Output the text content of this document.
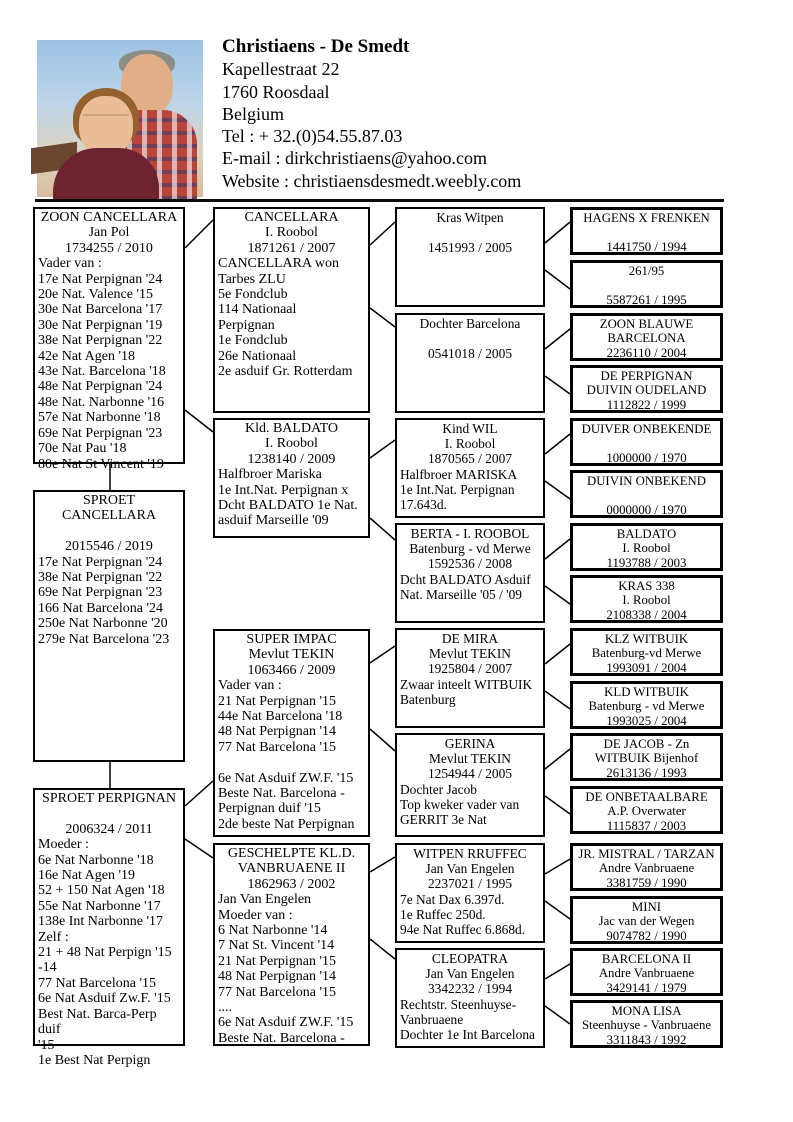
Christiaens - De Smedt
Kapellestraat 22
1760 Roosdaal
Belgium
Tel : + 32.(0)54.55.87.03
E-mail : dirkchristiaens@yahoo.com
Website : christiaensdesmedt.weebly.com
ZOON CANCELLARA
Jan Pol
1734255 / 2010
Vader van :
17e Nat Perpignan '24
20e Nat. Valence '15
30e Nat Barcelona '17
30e Nat Perpignan '19
38e Nat Perpignan '22
42e Nat Agen '18
43e Nat. Barcelona '18
48e Nat Perpignan '24
48e Nat. Narbonne '16
57e Nat Narbonne '18
69e Nat Perpignan '23
70e Nat Pau '18
80e Nat St Vincent '19
SPROET CANCELLARA

2015546 / 2019
17e Nat Perpignan '24
38e Nat Perpignan '22
69e Nat Perpignan '23
166 Nat Barcelona '24
250e Nat Narbonne '20
279e Nat Barcelona '23
SPROET PERPIGNAN

2006324 / 2011
Moeder :
6e Nat Narbonne '18
16e Nat Agen '19
52 + 150 Nat Agen '18
55e Nat Narbonne '17
138e Int Narbonne '17
Zelf :
21 + 48 Nat Perpign '15
-14
77 Nat Barcelona '15
6e Nat Asduif Zw.F. '15
Best Nat. Barca-Perp duif
'15
1e Best Nat Perpign
CANCELLARA
I. Roobol
1871261 / 2007
CANCELLARA won
Tarbes ZLU
5e Fondclub
114 Nationaal
Perpignan
1e Fondclub
26e Nationaal
2e asduif Gr. Rotterdam
Kld. BALDATO
I. Roobol
1238140 / 2009
Halfbroer Mariska
1e Int.Nat. Perpignan x
Dcht BALDATO 1e Nat.
asduif Marseille '09
SUPER IMPAC
Mevlut TEKIN
1063466 / 2009
Vader van :
21 Nat Perpignan '15
44e Nat Barcelona '18
48 Nat Perpignan '14
77 Nat Barcelona '15

6e Nat Asduif ZW.F. '15
Beste Nat. Barcelona -
Perpignan duif '15
2de beste Nat Perpignan
GESCHELPTE KL.D.
VANBRUAENE II
1862963 / 2002
Jan Van Engelen
Moeder van :
6 Nat Narbonne '14
7 Nat St. Vincent '14
21 Nat Perpignan '15
48 Nat Perpignan '14
77 Nat Barcelona '15
....
6e Nat Asduif ZW.F. '15
Beste Nat. Barcelona -
Kras Witpen

1451993 / 2005
Dochter Barcelona

0541018 / 2005
Kind WIL
I. Roobol
1870565 / 2007
Halfbroer MARISKA
1e Int.Nat. Perpignan
17.643d.
BERTA - I. ROOBOL
Batenburg - vd Merwe
1592536 / 2008
Dcht BALDATO Asduif
Nat. Marseille '05 / '09
DE MIRA
Mevlut TEKIN
1925804 / 2007
Zwaar inteelt WITBUIK
Batenburg
GERINA
Mevlut TEKIN
1254944 / 2005
Dochter Jacob
Top kweker vader van
GERRIT 3e Nat
WITPEN RRUFFEC
Jan Van Engelen
2237021 / 1995
7e Nat Dax 6.397d.
1e Ruffec 250d.
94e Nat Ruffec 6.868d.
CLEOPATRA
Jan Van Engelen
3342232 / 1994
Rechtstr. Steenhuyse-
Vanbruaene
Dochter 1e Int Barcelona
HAGENS X FRENKEN

1441750 / 1994
261/95

5587261 / 1995
ZOON BLAUWE
BARCELONA
2236110 / 2004
DE PERPIGNAN
DUIVIN OUDELAND
1112822 / 1999
DUIVER ONBEKENDE

1000000 / 1970
DUIVIN ONBEKEND

0000000 / 1970
BALDATO
I. Roobol
1193788 / 2003
KRAS 338
I. Roobol
2108338 / 2004
KLZ WITBUIK
Batenburg-vd Merwe
1993091 / 2004
KLD WITBUIK
Batenburg - vd Merwe
1993025 / 2004
DE JACOB - Zn
WITBUIK Bijenhof
2613136 / 1993
DE ONBETAALBARE
A.P. Overwater
1115837 / 2003
JR. MISTRAL / TARZAN
Andre Vanbruaene
3381759 / 1990
MINI
Jac van der Wegen
9074782 / 1990
BARCELONA II
Andre Vanbruaene
3429141 / 1979
MONA LISA
Steenhuyse - Vanbruaene
3311843 / 1992
